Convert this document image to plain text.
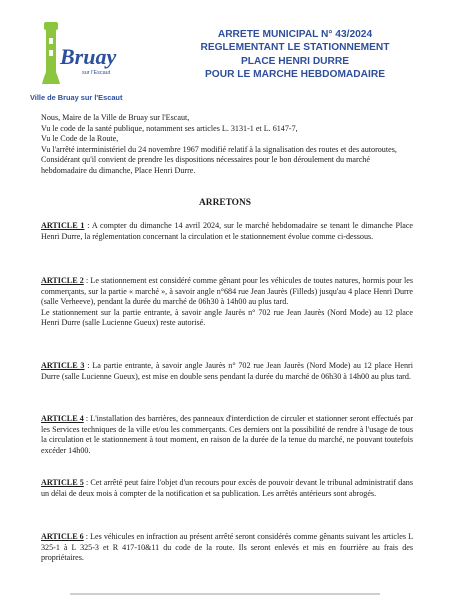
Bruay
sur l'Escaut
Ville de Bruay sur l'Escaut
ARRETE MUNICIPAL N° 43/2024
REGLEMENTANT LE STATIONNEMENT
PLACE HENRI DURRE
POUR LE MARCHE HEBDOMADAIRE

Nous, Maire de la Ville de Bruay sur l'Escaut,

Vu le code de la santé publique, notamment ses articles L. 3131-1 et L. 6147-7,

Vu le Code de la Route,

Vu l'arrêté interministériel du 24 novembre 1967 modifié relatif à la signalisation des routes et des autoroutes,

Considérant qu'il convient de prendre les dispositions nécessaires pour le bon déroulement du marché hebdomadaire du dimanche, Place Henri Durre.

ARRETONS

ARTICLE 1 : A compter du dimanche 14 avril 2024, sur le marché hebdomadaire se tenant le dimanche Place Henri Durre, la réglementation concernant la circulation et le stationnement évolue comme ci-dessous.

ARTICLE 2 : Le stationnement est considéré comme gênant pour les véhicules de toutes natures, hormis pour les commerçants, sur la partie « marché », à savoir angle n°684 rue Jean Jaurès (Filleds) jusqu'au 4 place Henri Durre (salle Verheeve), pendant la durée du marché de 06h30 à 14h00 au plus tard.

Le stationnement sur la partie entrante, à savoir angle Jaurès n° 702 rue Jean Jaurès (Nord Mode) au 12 place Henri Durre (salle Lucienne Gueux) reste autorisé.

ARTICLE 3 : La partie entrante, à savoir angle Jaurès n° 702 rue Jean Jaurès (Nord Mode) au 12 place Henri Durre (salle Lucienne Gueux), est mise en double sens pendant la durée du marché de 06h30 à 14h00 au plus tard.

ARTICLE 4 : L'installation des barrières, des panneaux d'interdiction de circuler et stationner seront effectués par les Services techniques de la ville et/ou les commerçants. Ces derniers ont la possibilité de rendre à l'usage de tous la circulation et le stationnement à tout moment, en raison de la durée de la tenue du marché, ne pouvant toutefois excéder 14h00.

ARTICLE 5 : Cet arrêté peut faire l'objet d'un recours pour excès de pouvoir devant le tribunal administratif dans un délai de deux mois à compter de la notification et sa publication. Les arrêtés antérieurs sont abrogés.

ARTICLE 6 : Les véhicules en infraction au présent arrêté seront considérés comme gênants suivant les articles L 325-1 à L 325-3 et R 417-10&11 du code de la route. Ils seront enlevés et mis en fourrière au frais des propriétaires.
